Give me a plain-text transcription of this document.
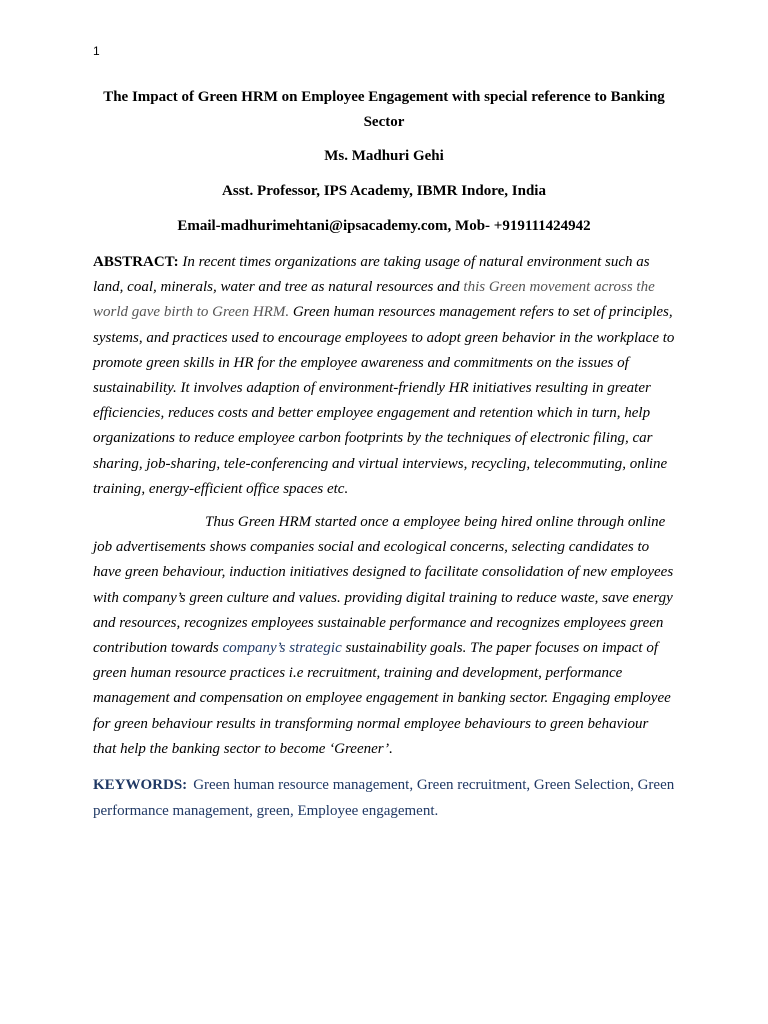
1
The Impact of Green HRM on Employee Engagement with special reference to Banking Sector
Ms. Madhuri Gehi
Asst. Professor, IPS Academy, IBMR Indore, India
Email-madhurimehtani@ipsacademy.com, Mob- +919111424942

ABSTRACT: In recent times organizations are taking usage of natural environment such as land, coal, minerals, water and tree as natural resources and this Green movement across the world gave birth to Green HRM. Green human resources management refers to set of principles, systems, and practices used to encourage employees to adopt green behavior in the workplace to promote green skills in HR for the employee awareness and commitments on the issues of sustainability. It involves adaption of environment-friendly HR initiatives resulting in greater efficiencies, reduces costs and better employee engagement and retention which in turn, help organizations to reduce employee carbon footprints by the techniques of electronic filing, car sharing, job-sharing, tele-conferencing and virtual interviews, recycling, telecommuting, online training, energy-efficient office spaces etc.

Thus Green HRM started once a employee being hired online through online job advertisements shows companies social and ecological concerns, selecting candidates to have green behaviour, induction initiatives designed to facilitate consolidation of new employees with company’s green culture and values. providing digital training to reduce waste, save energy and resources, recognizes employees sustainable performance and recognizes employees green contribution towards company’s strategic sustainability goals. The paper focuses on impact of green human resource practices i.e recruitment, training and development, performance management and compensation on employee engagement in banking sector. Engaging employee for green behaviour results in transforming normal employee behaviours to green behaviour that help the banking sector to become ‘Greener’.

KEYWORDS: Green human resource management, Green recruitment, Green Selection, Green performance management, green, Employee engagement.
